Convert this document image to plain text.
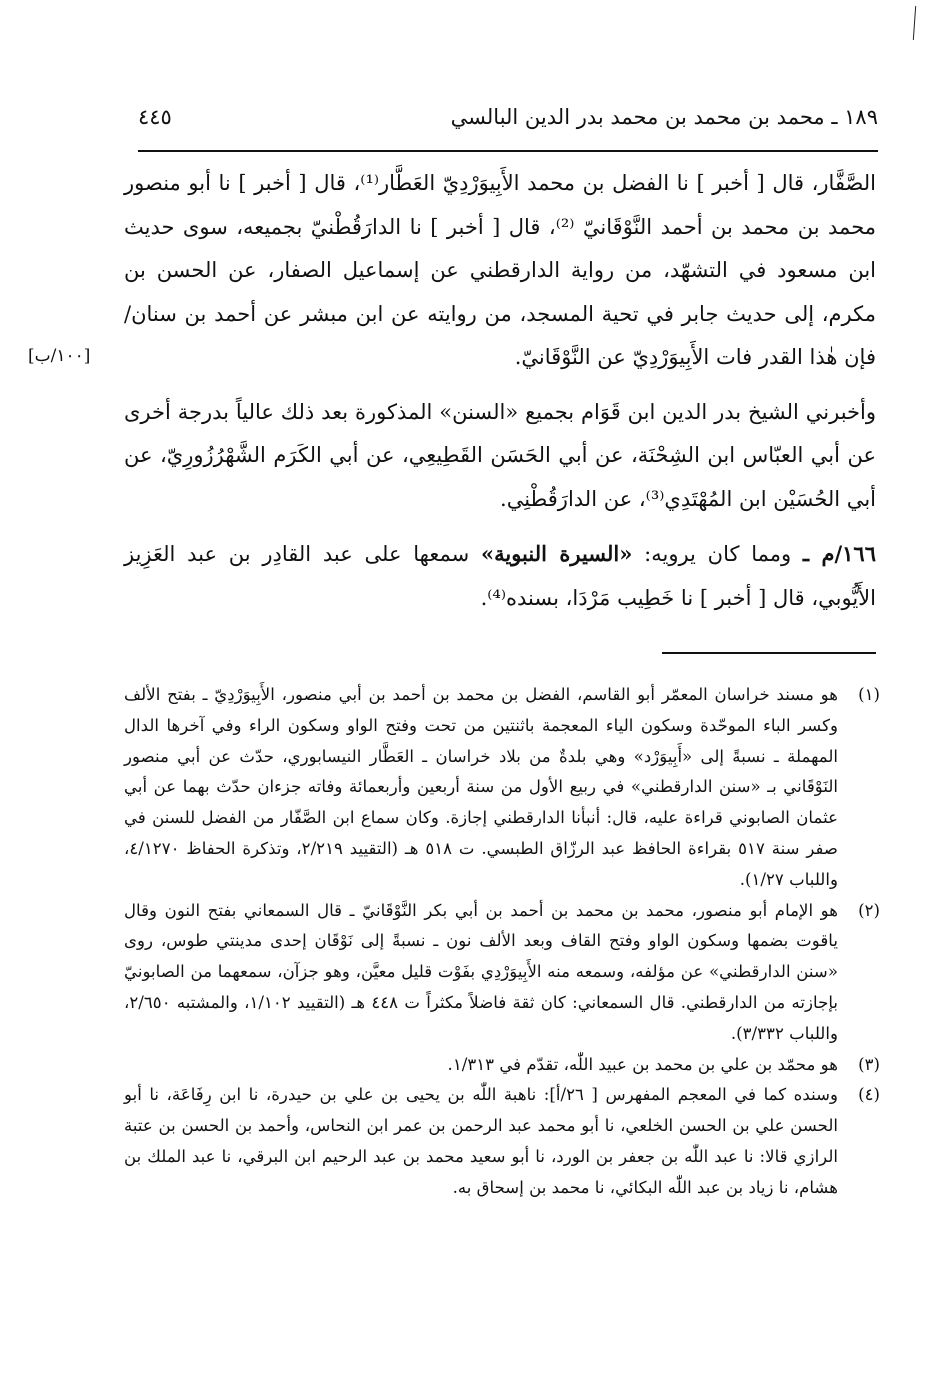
١٨٩ ـ محمد بن محمد بن محمد بدر الدين البالسي
٤٤٥
[١٠٠/ب]

الصَّفَّار، قال [ أخبر ] نا الفضل بن محمد الأَبِيوَرْدِيّ العَطَّار⁽¹⁾، قال [ أخبر ] نا أبو منصور محمد بن محمد بن أحمد النَّوْقَانيّ ⁽²⁾، قال [ أخبر ] نا الدارَقُطْنيّ بجميعه، سوى حديث ابن مسعود في التشهّد، من رواية الدارقطني عن إسماعيل الصفار، عن الحسن بن مكرم، إلى حديث جابر في تحية المسجد، من روايته عن ابن مبشر عن أحمد بن سنان/ فإن هٰذا القدر فات الأَبِيوَرْدِيّ عن النَّوْقَانيّ.

وأخبرني الشيخ بدر الدين ابن قَوَام بجميع «السنن» المذكورة بعد ذلك عالياً بدرجة أخرى عن أبي العبّاس ابن الشِحْنَة، عن أبي الحَسَن القَطِيعِي، عن أبي الكَرَم الشَّهْرُزُورِيّ، عن أبي الحُسَيْن ابن المُهْتَدِي⁽³⁾، عن الدارَقُطْنِي.

١٦٦/م ـ ومما كان يرويه: «السيرة النبوية» سمعها على عبد القادِر بن عبد العَزِيز الأَيُّوبي، قال [ أخبر ] نا خَطِيب مَرْدَا، بسنده⁽⁴⁾.

(١)
هو مسند خراسان المعمّر أبو القاسم، الفضل بن محمد بن أحمد بن أبي منصور، الأَبِيوَرْدِيّ ـ بفتح الألف وكسر الباء الموحّدة وسكون الياء المعجمة باثنتين من تحت وفتح الواو وسكون الراء وفي آخرها الدال المهملة ـ نسبةً إلى «أَبِيوَرْد» وهي بلدةٌ من بلاد خراسان ـ العَطَّار النيسابوري، حدّث عن أبي منصور النَوْقَاني بـ «سنن الدارقطني» في ربيع الأول من سنة أربعين وأربعمائة وفاته جزءان حدّث بهما عن أبي عثمان الصابوني قراءة عليه، قال: أنبأنا الدارقطني إجازة. وكان سماع ابن الصَّفّار من الفضل للسنن في صفر سنة ٥١٧ بقراءة الحافظ عبد الرزّاق الطبسي. ت ٥١٨ هـ (التقييد ٢/٢١٩، وتذكرة الحفاظ ٤/١٢٧٠، واللباب ١/٢٧).
(٢)
هو الإمام أبو منصور، محمد بن محمد بن أحمد بن أبي بكر النَّوْقَانيّ ـ قال السمعاني بفتح النون وقال ياقوت بضمها وسكون الواو وفتح القاف وبعد الألف نون ـ نسبةً إلى نَوْقَان إحدى مدينتي طوس، روى «سنن الدارقطني» عن مؤلفه، وسمعه منه الأَبِيوَرْدِي بفَوْت قليل معيَّن، وهو جزآن، سمعهما من الصابونيّ بإجازته من الدارقطني. قال السمعاني: كان ثقة فاضلاً مكثراً ت ٤٤٨ هـ (التقييد ١/١٠٢، والمشتبه ٢/٦٥٠، واللباب ٣/٣٣٢).
(٣)
هو محمّد بن علي بن محمد بن عبيد اللّٰه، تقدّم في ١/٣١٣.
(٤)
وسنده كما في المعجم المفهرس [ ٢٦/أ]: ناهبة اللّٰه بن يحيى بن علي بن حيدرة، نا ابن رِفَاعَة، نا أبو الحسن علي بن الحسن الخلعي، نا أبو محمد عبد الرحمن بن عمر ابن النحاس، وأحمد بن الحسن بن عتبة الرازي قالا: نا عبد اللّٰه بن جعفر بن الورد، نا أبو سعيد محمد بن عبد الرحيم ابن البرقي، نا عبد الملك بن هشام، نا زياد بن عبد اللّٰه البكائي، نا محمد بن إسحاق به.
